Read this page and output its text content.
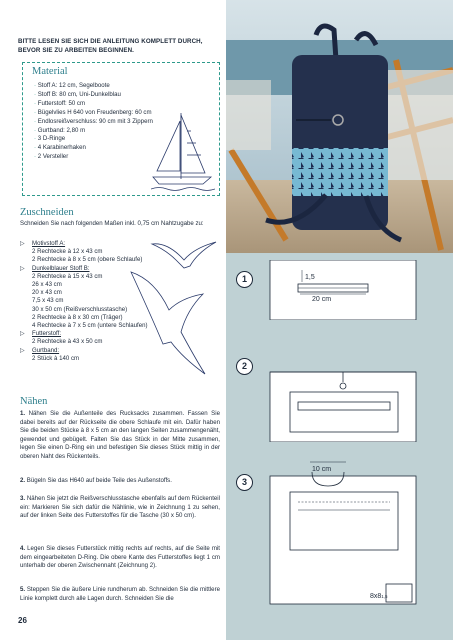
BITTE LESEN SIE SICH DIE ANLEITUNG KOMPLETT DURCH, BEVOR SIE ZU ARBEITEN BEGINNEN.
Material
· Stoff A: 12 cm, Segelboote
· Stoff B: 80 cm, Uni-Dunkelblau
· Futterstoff: 50 cm
· Bügelvlies H 640 von Freudenberg: 60 cm
· Endlosreißverschluss: 90 cm mit 3 Zippern
· Gurtband: 2,80 m
· 3 D-Ringe
· 4 Karabinerhaken
· 2 Versteller
Zuschneiden
Schneiden Sie nach folgenden Maßen inkl. 0,75 cm Nahtzugabe zu:
▷ Motivstoff A:
2 Rechtecke à 12 x 43 cm
2 Rechtecke à 8 x 5 cm (obere Schlaufe)
▷ Dunkelblauer Stoff B:
2 Rechtecke à 15 x 43 cm
26 x 43 cm
20 x 43 cm
7,5 x 43 cm
30 x 50 cm (Reißverschlusstasche)
2 Rechtecke à 8 x 30 cm (Träger)
4 Rechtecke à 7 x 5 cm (untere Schlaufen)
▷ Futterstoff:
2 Rechtecke à 43 x 50 cm
▷ Gurtband:
2 Stück à 140 cm
Nähen

1. Nähen Sie die Außenteile des Rucksacks zusammen. Fassen Sie dabei bereits auf der Rückseite die obere Schlaufe mit ein. Dafür haben Sie die beiden Stücke à 8 x 5 cm an den langen Seiten zusammengenäht, gewendet und gebügelt. Falten Sie das Stück in der Mitte zusammen, legen Sie einen D-Ring ein und befestigen Sie dieses Stück mittig in der oberen Naht des Rückenteils.

2. Bügeln Sie das H640 auf beide Teile des Außenstoffs.

3. Nähen Sie jetzt die Reißverschlusstasche ebenfalls auf dem Rückenteil ein: Markieren Sie sich dafür die Nählinie, wie in Zeichnung 1 zu sehen, auf der linken Seite des Futterstoffes für die Tasche (30 x 50 cm).

4. Legen Sie dieses Futterstück mittig rechts auf rechts, auf die Seite mit dem eingearbeiteten D-Ring. Die obere Kante des Futterstoffes liegt 1 cm unterhalb der oberen Zwischennaht (Zeichnung 2).

5. Steppen Sie die äußere Linie rundherum ab. Schneiden Sie die mittlere Linie komplett durch alle Lagen durch. Schneiden Sie die

26
1	1,5
20 cm
2
3
10 cm
8x81,5
